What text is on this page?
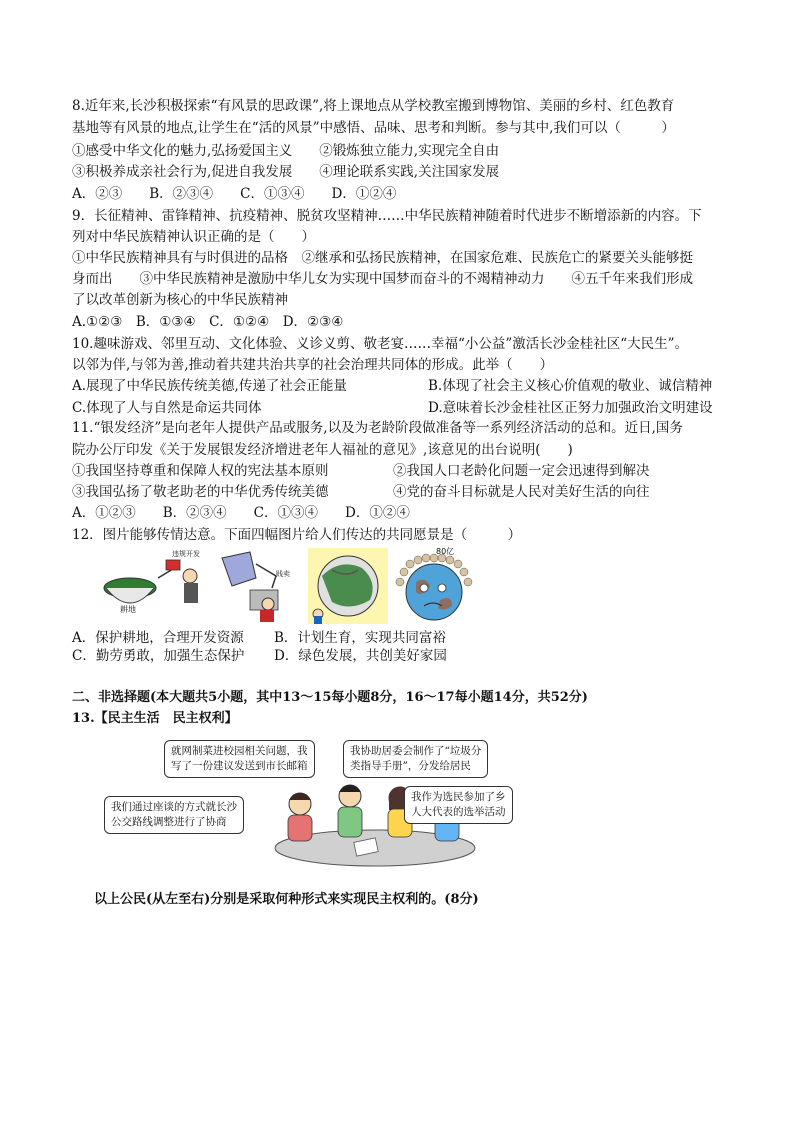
8.近年来,长沙积极探索“有风景的思政课”,将上课地点从学校教室搬到博物馆、美丽的乡村、红色教育
基地等有风景的地点,让学生在“活的风景”中感悟、品味、思考和判断。参与其中,我们可以（　　　）
①感受中华文化的魅力,弘扬爱国主义　　②锻炼独立能力,实现完全自由
③积极养成亲社会行为,促进自我发展　　④理论联系实践,关注国家发展
A．②③　　B．②③④　　C．①③④　　D．①②④
9．长征精神、雷锋精神、抗疫精神、脱贫攻坚精神……中华民族精神随着时代进步不断增添新的内容。下
列对中华民族精神认识正确的是（　　）
①中华民族精神具有与时俱进的品格　②继承和弘扬民族精神，在国家危难、民族危亡的紧要关头能够挺
身而出　　③中华民族精神是激励中华儿女为实现中国梦而奋斗的不竭精神动力　　④五千年来我们形成
了以改革创新为核心的中华民族精神
A.①②③　B．①③④　C．①②④　D．②③④
10.趣味游戏、邻里互动、文化体验、义诊义剪、敬老宴……幸福“小公益”激活长沙金桂社区“大民生”。
以邻为伴,与邻为善,推动着共建共治共享的社会治理共同体的形成。此举（　　）
A.展现了中华民族传统美德,传递了社会正能量	B.体现了社会主义核心价值观的敬业、诚信精神
C.体现了人与自然是命运共同体	D.意味着长沙金桂社区正努力加强政治文明建设
11.“银发经济”是向老年人提供产品或服务,以及为老龄阶段做准备等一系列经济活动的总和。近日,国务
院办公厅印发《关于发展银发经济增进老年人福祉的意见》,该意见的出台说明(　　)
①我国坚持尊重和保障人权的宪法基本原则	②我国人口老龄化问题一定会迅速得到解决
③我国弘扬了敬老助老的中华优秀传统美德	④党的奋斗目标就是人民对美好生活的向往
A．①②③　　B．②③④　　C．①③④　　D．①②④
12．图片能够传情达意。下面四幅图片给人们传达的共同愿景是（　　　）
耕地
违规开发
贱卖
80亿
A．保护耕地，合理开发资源 B．计划生育，实现共同富裕
C．勤劳勇敢，加强生态保护 D．绿色发展，共创美好家园
二、非选择题(本大题共5小题，其中13～15每小题8分，16～17每小题14分，共52分)
13.【民主生活　民主权利】
就网制菜进校园相关问题，我
写了一份建议发送到市长邮箱
我协助居委会制作了“垃圾分
类指导手册”，分发给居民
我们通过座谈的方式就长沙
公交路线调整进行了协商
我作为选民参加了乡
人大代表的选举活动
以上公民(从左至右)分别是采取何种形式来实现民主权利的。(8分)
